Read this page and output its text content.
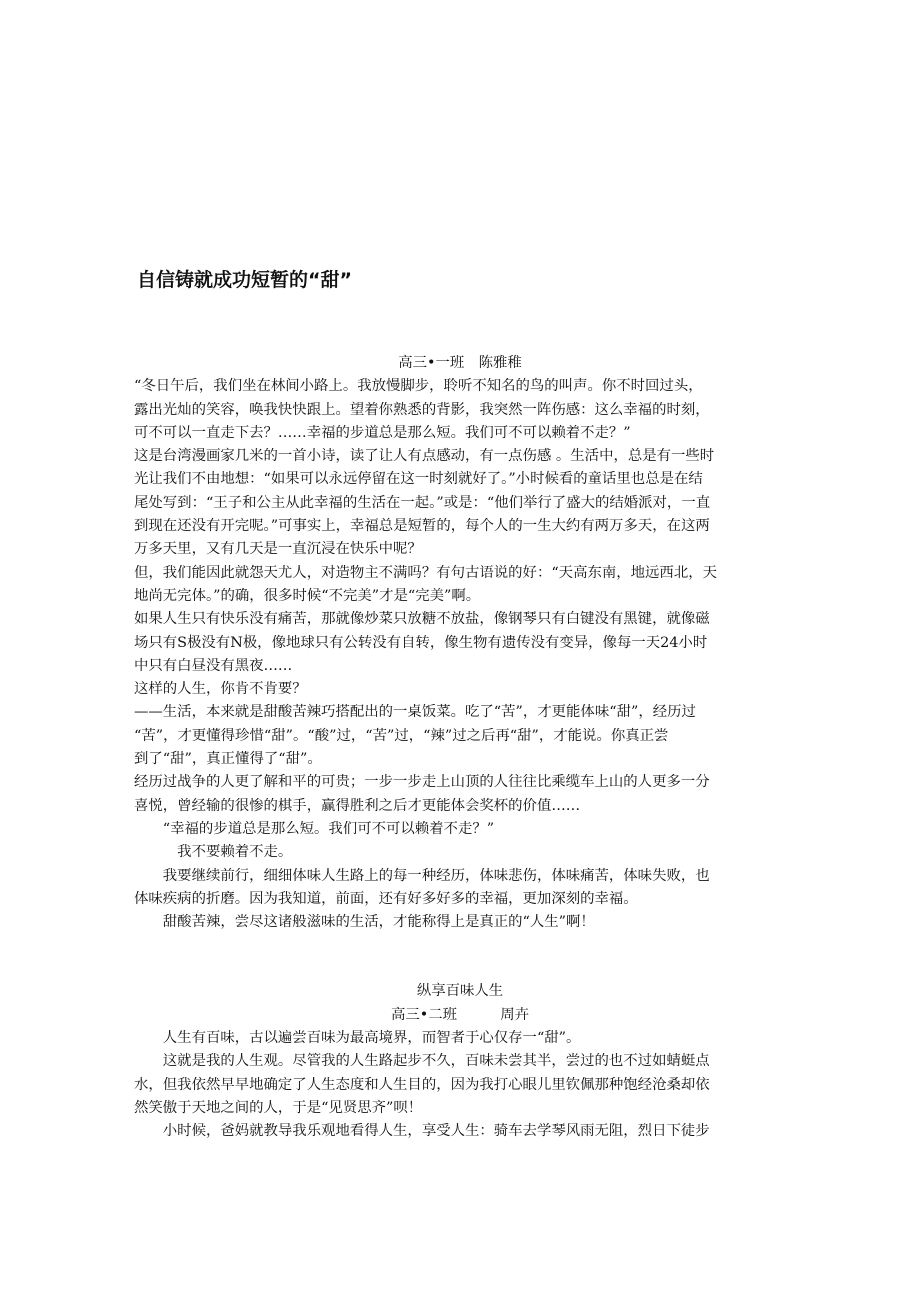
自信铸就成功短暂的“甜”
高三•一班　陈雅稚
“冬日午后，我们坐在林间小路上。我放慢脚步，聆听不知名的鸟的叫声。你不时回过头，
露出光灿的笑容，唤我快快跟上。望着你熟悉的背影，我突然一阵伤感：这么幸福的时刻，
可不可以一直走下去？……幸福的步道总是那么短。我们可不可以赖着不走？”
这是台湾漫画家几米的一首小诗，读了让人有点感动，有一点伤感 。生活中，总是有一些时
光让我们不由地想：“如果可以永远停留在这一时刻就好了。”小时候看的童话里也总是在结
尾处写到：“王子和公主从此幸福的生活在一起。”或是：“他们举行了盛大的结婚派对，一直
到现在还没有开完呢。”可事实上，幸福总是短暂的，每个人的一生大约有两万多天，在这两
万多天里，又有几天是一直沉浸在快乐中呢？
但，我们能因此就怨天尤人，对造物主不满吗？有句古语说的好：“天高东南，地远西北，天
地尚无完体。”的确，很多时候“不完美”才是“完美”啊。
如果人生只有快乐没有痛苦，那就像炒菜只放糖不放盐，像钢琴只有白键没有黑键，就像磁
场只有S极没有N极，像地球只有公转没有自转，像生物有遗传没有变异，像每一天24小时
中只有白昼没有黑夜……
这样的人生，你肯不肯要？
——生活，本来就是甜酸苦辣巧搭配出的一桌饭菜。吃了“苦”，才更能体味“甜”，经历过
“苦”，才更懂得珍惜“甜”。“酸”过，“苦”过，“辣”过之后再“甜”，才能说。你真正尝
到了“甜”，真正懂得了“甜”。
经历过战争的人更了解和平的可贵；一步一步走上山顶的人往往比乘缆车上山的人更多一分
喜悦，曾经输的很惨的棋手，赢得胜利之后才更能体会奖杯的价值……
　　“幸福的步道总是那么短。我们可不可以赖着不走？”
　　　我不要赖着不走。
　　我要继续前行，细细体味人生路上的每一种经历，体味悲伤，体味痛苦，体味失败，也
体味疾病的折磨。因为我知道，前面，还有好多好多的幸福，更加深刻的幸福。
　　甜酸苦辣，尝尽这诸般滋味的生活，才能称得上是真正的“人生”啊！
纵享百味人生
高三•二班　　　周卉
　　人生有百味，古以遍尝百味为最高境界，而智者于心仅存一“甜”。
　　这就是我的人生观。尽管我的人生路起步不久，百味未尝其半，尝过的也不过如蜻蜓点
水，但我依然早早地确定了人生态度和人生目的，因为我打心眼儿里钦佩那种饱经沧桑却依
然笑傲于天地之间的人，于是“见贤思齐”呗！
　　小时候，爸妈就教导我乐观地看得人生，享受人生：骑车去学琴风雨无阻，烈日下徒步
